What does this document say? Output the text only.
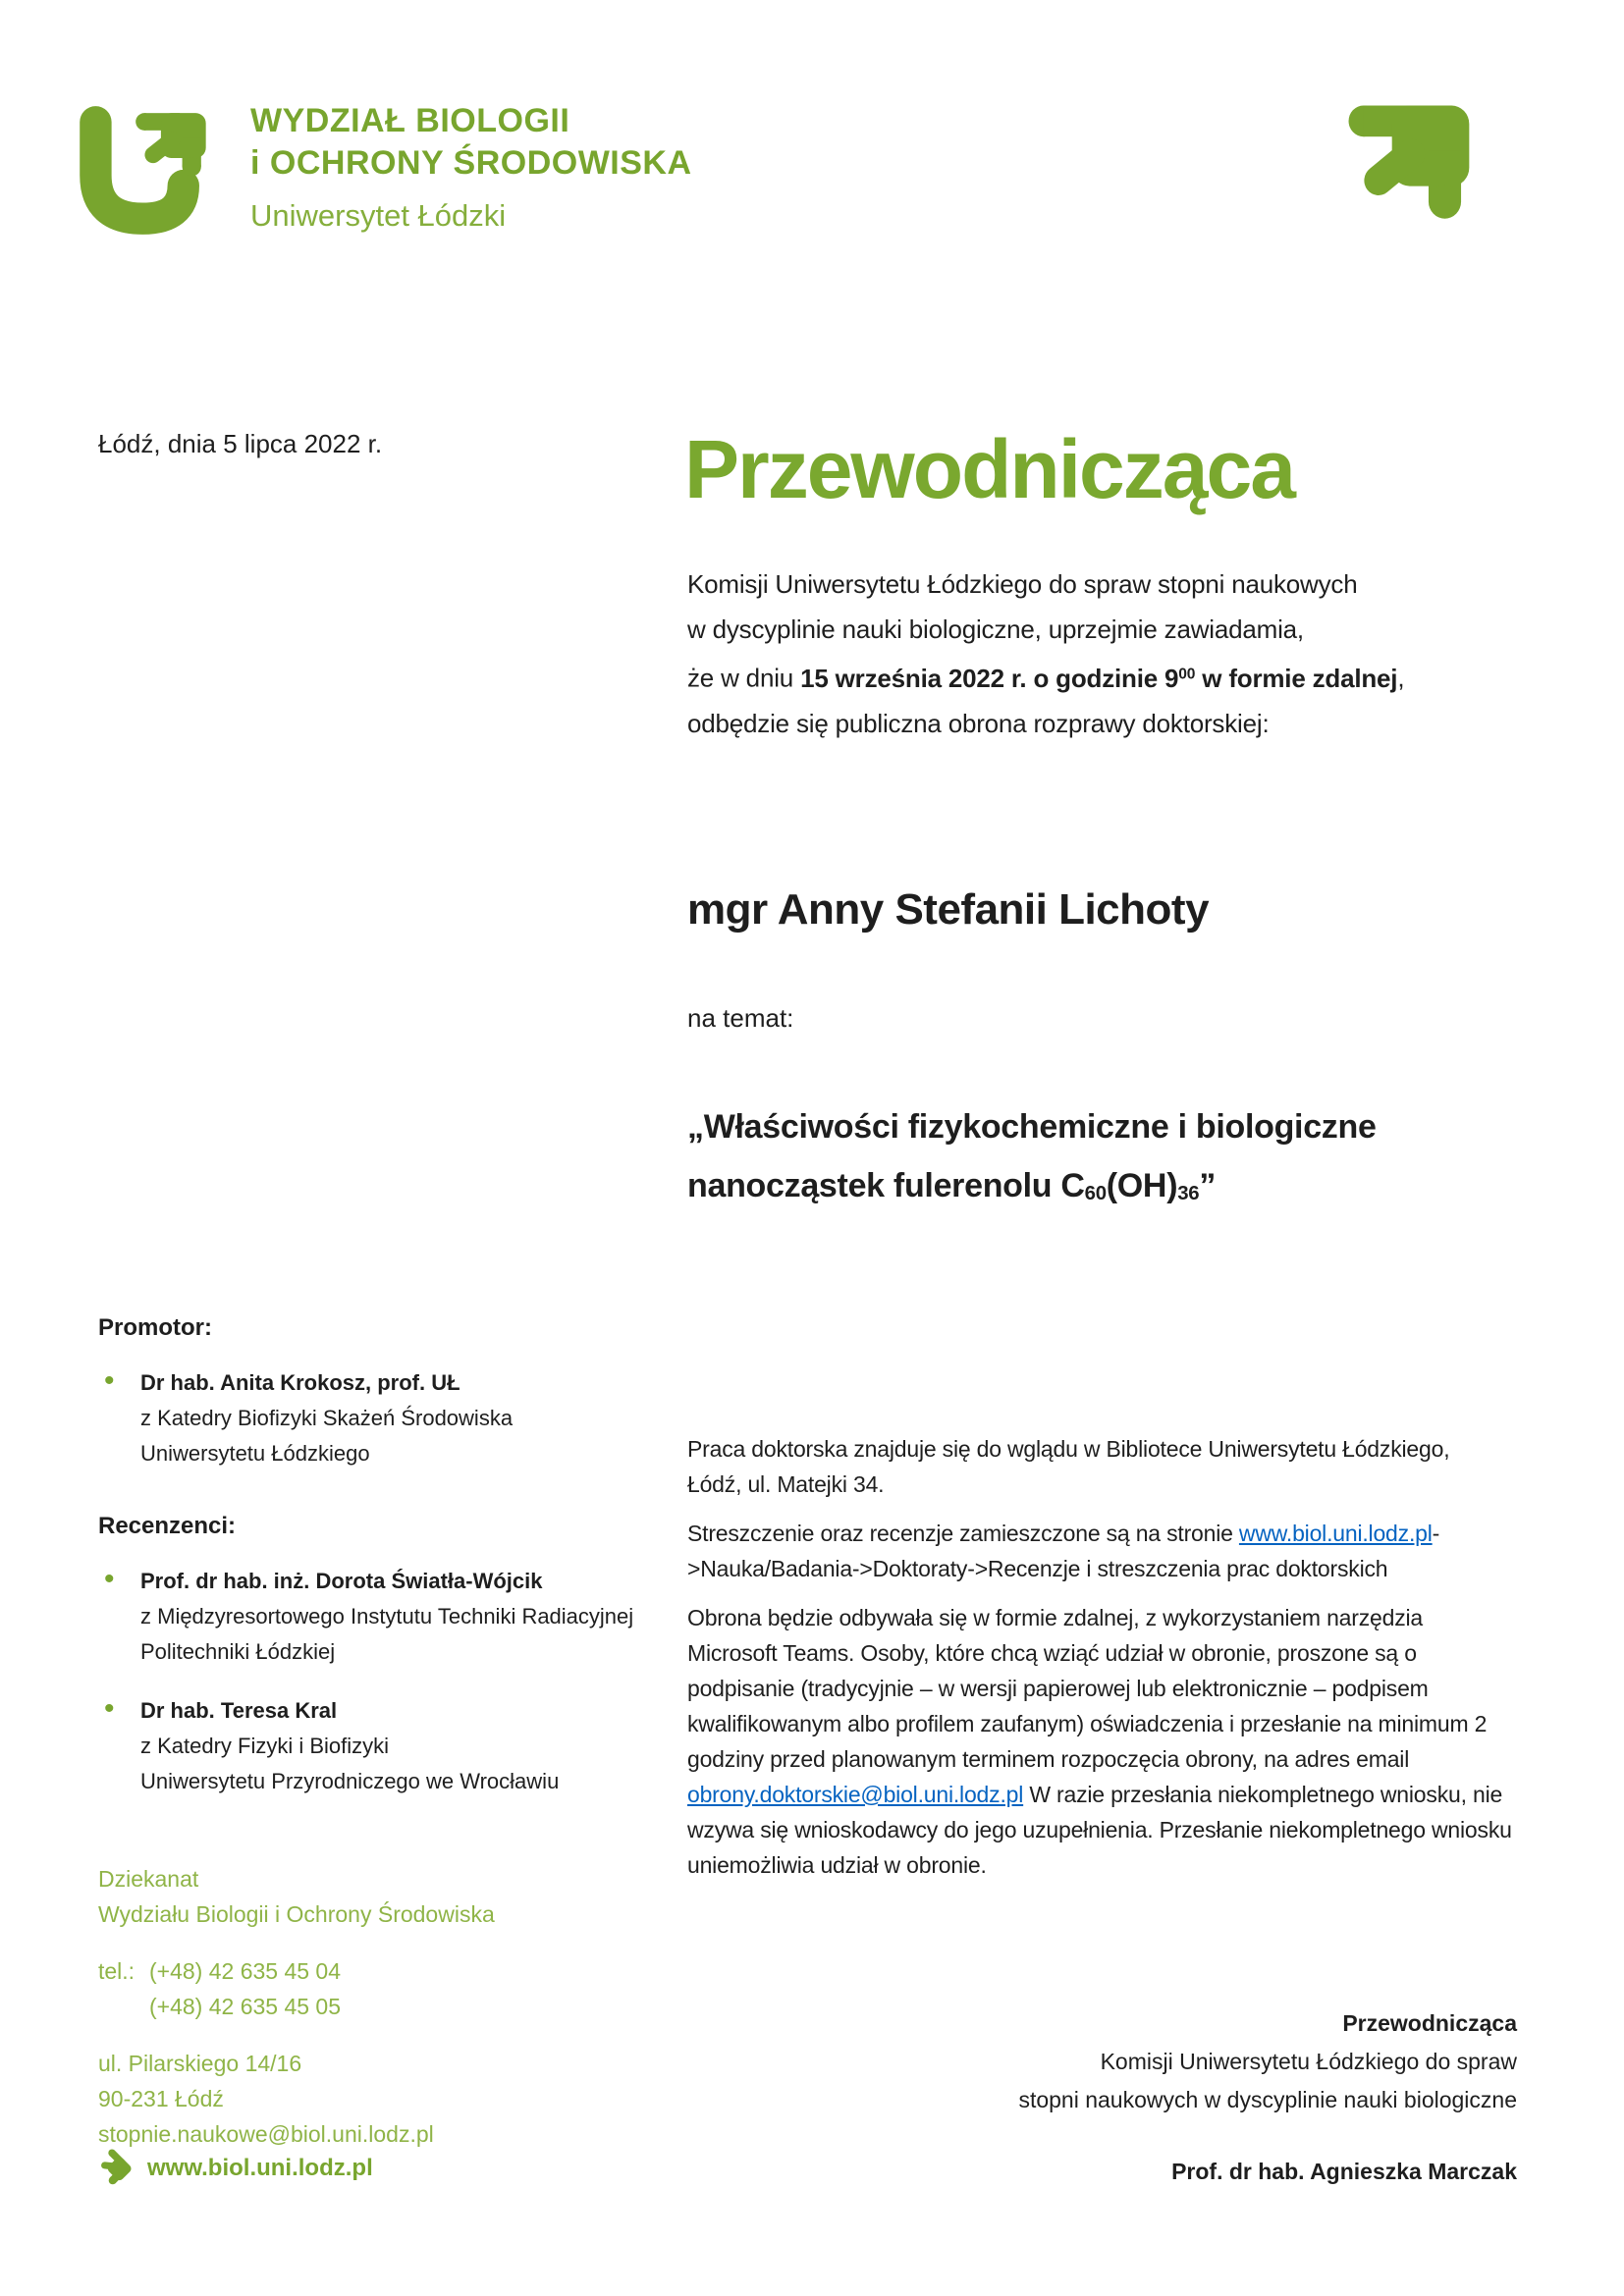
WYDZIAŁ BIOLOGII
i OCHRONY ŚRODOWISKA
Uniwersytet Łódzki
Łódź, dnia 5 lipca 2022 r.	Przewodnicząca
Komisji Uniwersytetu Łódzkiego do spraw stopni naukowych
w dyscyplinie nauki biologiczne, uprzejmie zawiadamia,
że w dniu 15 września 2022 r. o godzinie $9^{00}$ w formie zdalnej,
odbędzie się publiczna obrona rozprawy doktorskiej:
mgr Anny Stefanii Lichoty
na temat:
„Właściwości fizykochemiczne i biologiczne
nanocząstek fulerenolu $C_{60}(OH)_{36}$”
Promotor:
• Dr hab. Anita Krokosz, prof. UŁ
z Katedry Biofizyki Skażeń Środowiska
Uniwersytetu Łódzkiego
Recenzenci:
• Prof. dr hab. inż. Dorota Światła-Wójcik
z Międzyresortowego Instytutu Techniki Radiacyjnej
Politechniki Łódzkiej
• Dr hab. Teresa Kral
z Katedry Fizyki i Biofizyki
Uniwersytetu Przyrodniczego we Wrocławiu
Praca doktorska znajduje się do wglądu w Bibliotece Uniwersytetu Łódzkiego,
Łódź, ul. Matejki 34.
Streszczenie oraz recenzje zamieszczone są na stronie www.biol.uni.lodz.pl-
>Nauka/Badania->Doktoraty->Recenzje i streszczenia prac doktorskich
Obrona będzie odbywała się w formie zdalnej, z wykorzystaniem narzędzia Microsoft Teams. Osoby, które chcą wziąć udział w obronie, proszone są o podpisanie (tradycyjnie – w wersji papierowej lub elektronicznie – podpisem kwalifikowanym albo profilem zaufanym) oświadczenia i przesłanie na minimum 2 godziny przed planowanym terminem rozpoczęcia obrony, na adres email obrony.doktorskie@biol.uni.lodz.pl W razie przesłania niekompletnego wniosku, nie wzywa się wnioskodawcy do jego uzupełnienia. Przesłanie niekompletnego wniosku uniemożliwia udział w obronie.
Dziekanat
Wydziału Biologii i Ochrony Środowiska
tel.: (+48) 42 635 45 04
(+48) 42 635 45 05
ul. Pilarskiego 14/16
90-231 Łódź
stopnie.naukowe@biol.uni.lodz.pl
www.biol.uni.lodz.pl
Przewodnicząca
Komisji Uniwersytetu Łódzkiego do spraw
stopni naukowych w dyscyplinie nauki biologiczne
Prof. dr hab. Agnieszka Marczak
